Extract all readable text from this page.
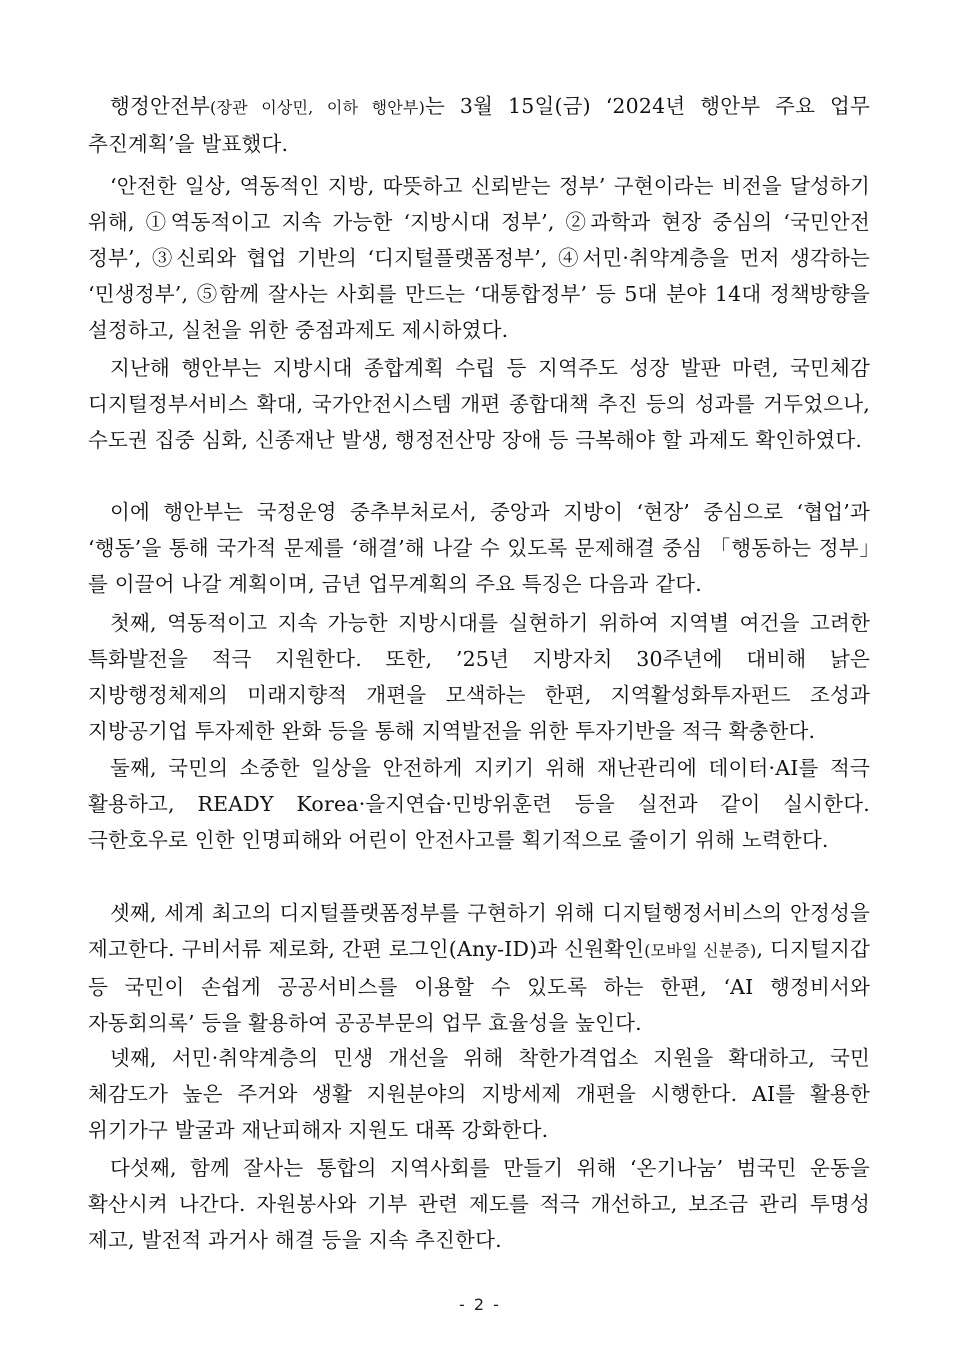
행정안전부(장관 이상민, 이하 행안부)는 3월 15일(금) ‘2024년 행안부 주요 업무 추진계획’을 발표했다.

‘안전한 일상, 역동적인 지방, 따뜻하고 신뢰받는 정부’ 구현이라는 비전을 달성하기 위해, ①역동적이고 지속 가능한 ‘지방시대 정부’, ②과학과 현장 중심의 ‘국민안전 정부’, ③신뢰와 협업 기반의 ‘디지털플랫폼정부’, ④서민·취약계층을 먼저 생각하는 ‘민생정부’, ⑤함께 잘사는 사회를 만드는 ‘대통합정부’ 등 5대 분야 14대 정책방향을 설정하고, 실천을 위한 중점과제도 제시하였다.

지난해 행안부는 지방시대 종합계획 수립 등 지역주도 성장 발판 마련, 국민체감 디지털정부서비스 확대, 국가안전시스템 개편 종합대책 추진 등의 성과를 거두었으나, 수도권 집중 심화, 신종재난 발생, 행정전산망 장애 등 극복해야 할 과제도 확인하였다.

이에 행안부는 국정운영 중추부처로서, 중앙과 지방이 ‘현장’ 중심으로 ‘협업’과 ‘행동’을 통해 국가적 문제를 ‘해결’해 나갈 수 있도록 문제해결 중심 「행동하는 정부」를 이끌어 나갈 계획이며, 금년 업무계획의 주요 특징은 다음과 같다.

첫째, 역동적이고 지속 가능한 지방시대를 실현하기 위하여 지역별 여건을 고려한 특화발전을 적극 지원한다. 또한, ’25년 지방자치 30주년에 대비해 낡은 지방행정체제의 미래지향적 개편을 모색하는 한편, 지역활성화투자펀드 조성과 지방공기업 투자제한 완화 등을 통해 지역발전을 위한 투자기반을 적극 확충한다.

둘째, 국민의 소중한 일상을 안전하게 지키기 위해 재난관리에 데이터·AI를 적극 활용하고, READY Korea·을지연습·민방위훈련 등을 실전과 같이 실시한다. 극한호우로 인한 인명피해와 어린이 안전사고를 획기적으로 줄이기 위해 노력한다.

셋째, 세계 최고의 디지털플랫폼정부를 구현하기 위해 디지털행정서비스의 안정성을 제고한다. 구비서류 제로화, 간편 로그인(Any-ID)과 신원확인(모바일 신분증), 디지털지갑 등 국민이 손쉽게 공공서비스를 이용할 수 있도록 하는 한편, ‘AI 행정비서와 자동회의록’ 등을 활용하여 공공부문의 업무 효율성을 높인다.

넷째, 서민·취약계층의 민생 개선을 위해 착한가격업소 지원을 확대하고, 국민 체감도가 높은 주거와 생활 지원분야의 지방세제 개편을 시행한다. AI를 활용한 위기가구 발굴과 재난피해자 지원도 대폭 강화한다.

다섯째, 함께 잘사는 통합의 지역사회를 만들기 위해 ‘온기나눔’ 범국민 운동을 확산시켜 나간다. 자원봉사와 기부 관련 제도를 적극 개선하고, 보조금 관리 투명성 제고, 발전적 과거사 해결 등을 지속 추진한다.

- 2 -
